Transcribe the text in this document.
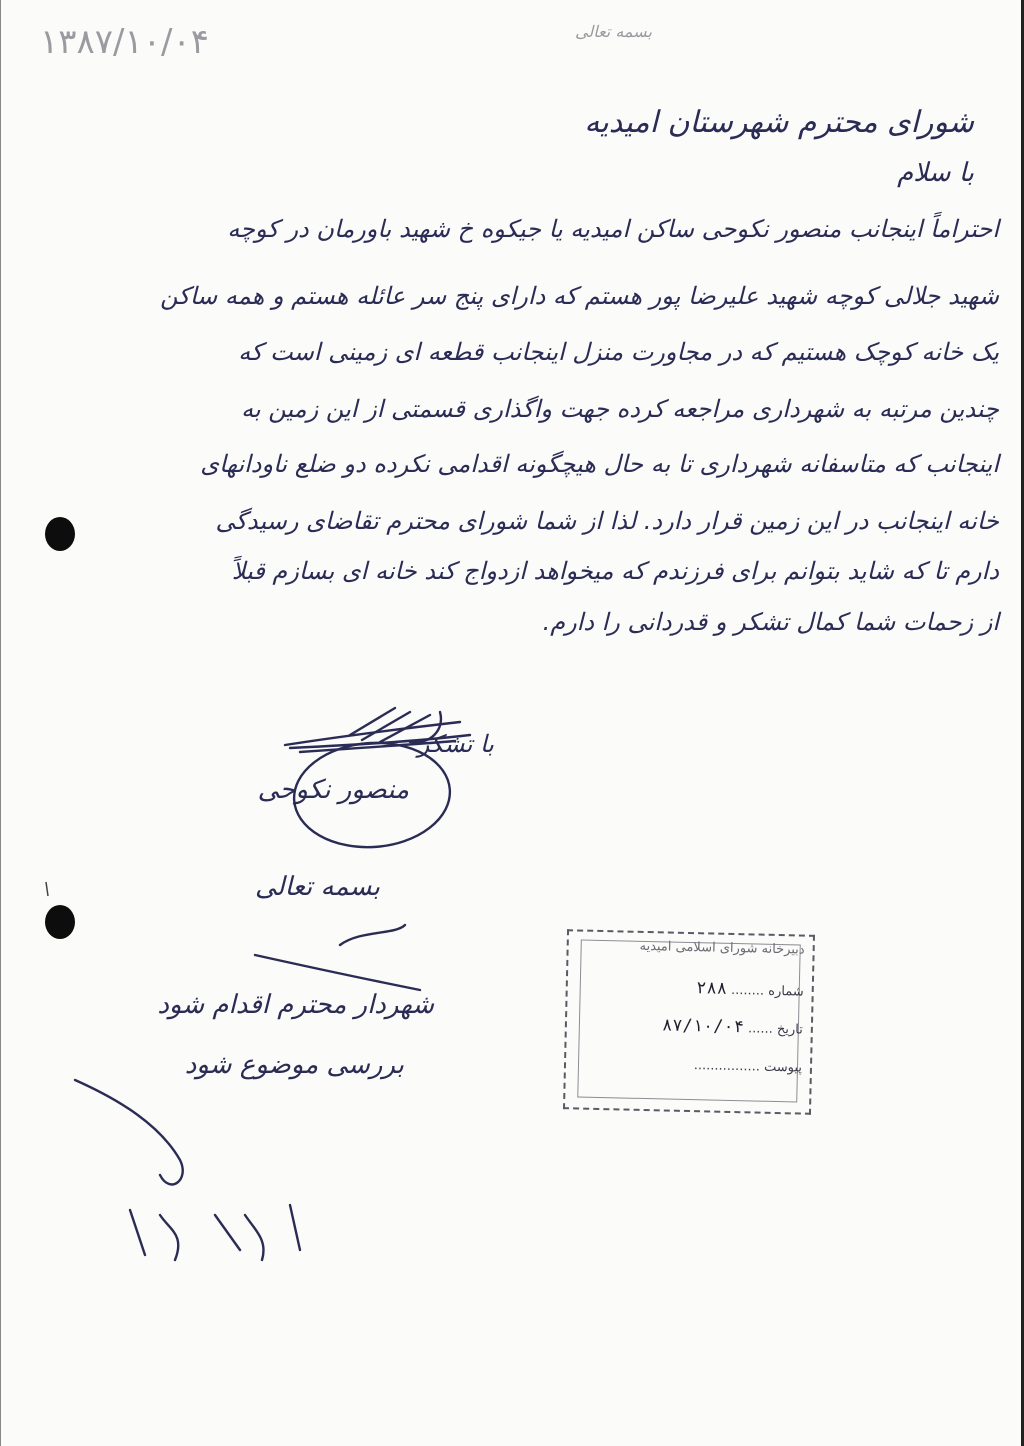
۱۳۸۷/۱۰/۰۴	بسمه تعالی
شورای محترم شهرستان امیدیه
با سلام
احتراماً اینجانب منصور نکوحی ساکن امیدیه یا جیکوه خ شهید باورمان در کوچه
شهید جلالی کوچه شهید علیرضا پور هستم که دارای پنج سر عائله هستم و همه ساکن
یک خانه کوچک هستیم که در مجاورت منزل اینجانب قطعه ای زمینی است که
چندین مرتبه به شهرداری مراجعه کرده جهت واگذاری قسمتی از این زمین به
اینجانب که متاسفانه شهرداری تا به حال هیچگونه اقدامی نکرده دو ضلع ناودانهای
خانه اینجانب در این زمین قرار دارد. لذا از شما شورای محترم تقاضای رسیدگی
دارم تا که شاید بتوانم برای فرزندم که میخواهد ازدواج کند خانه ای بسازم قبلاً
از زحمات شما کمال تشکر و قدردانی را دارم.
با تشکر
منصور نکوحی
بسمه تعالی
شهردار محترم اقدام شود
بررسی موضوع شود
دبیرخانه شورای اسلامی امیدیه
شماره ........ ۲۸۸
تاریخ ...... ۸۷/۱۰/۰۴
پیوست ................
